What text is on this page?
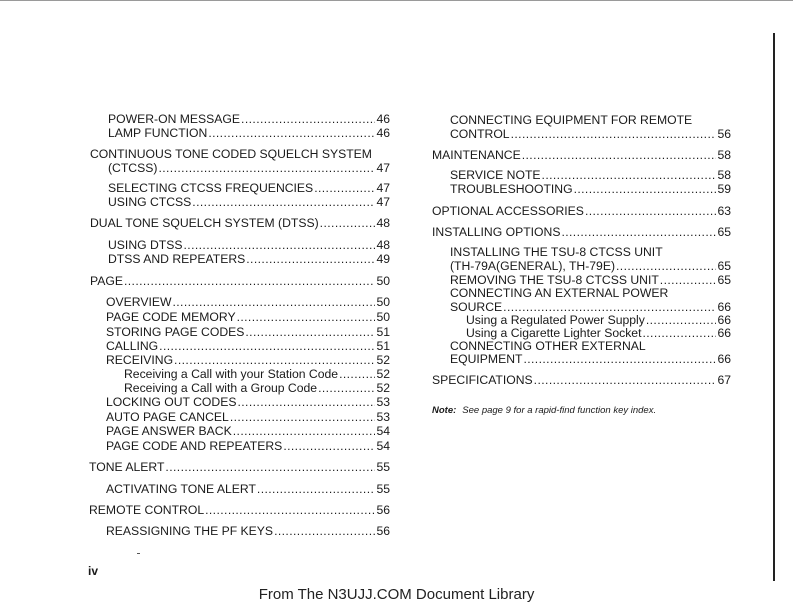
POWER-ON MESSAGE .....	46
LAMP FUNCTION .....	46
CONTINUOUS TONE CODED SQUELCH SYSTEM
(CTCSS) .....	47
SELECTING CTCSS FREQUENCIES .....	47
USING CTCSS .....	47
DUAL TONE SQUELCH SYSTEM (DTSS) .....	48
USING DTSS .....	48
DTSS AND REPEATERS .....	49
PAGE .....	50
OVERVIEW .....	50
PAGE CODE MEMORY .....	50
STORING PAGE CODES .....	51
CALLING .....	51
RECEIVING .....	52
Receiving a Call with your Station Code .....	52
Receiving a Call with a Group Code .....	52
LOCKING OUT CODES .....	53
AUTO PAGE CANCEL .....	53
PAGE ANSWER BACK .....	54
PAGE CODE AND REPEATERS .....	54
TONE ALERT .....	55
ACTIVATING TONE ALERT .....	55
REMOTE CONTROL .....	56
REASSIGNING THE PF KEYS .....	56
CONNECTING EQUIPMENT FOR REMOTE
CONTROL .....	56
MAINTENANCE .....	58
SERVICE NOTE .....	58
TROUBLESHOOTING .....	59
OPTIONAL ACCESSORIES .....	63
INSTALLING OPTIONS .....	65
INSTALLING THE TSU-8 CTCSS UNIT
(TH-79A(GENERAL), TH-79E) .....	65
REMOVING THE TSU-8 CTCSS UNIT .....	65
CONNECTING AN EXTERNAL POWER
SOURCE .....	66
Using a Regulated Power Supply .....	66
Using a Cigarette Lighter Socket .....	66
CONNECTING OTHER EXTERNAL
EQUIPMENT .....	66
SPECIFICATIONS .....	67
Note: See page 9 for a rapid-find function key index.
iv
From The N3UJJ.COM Document Library
